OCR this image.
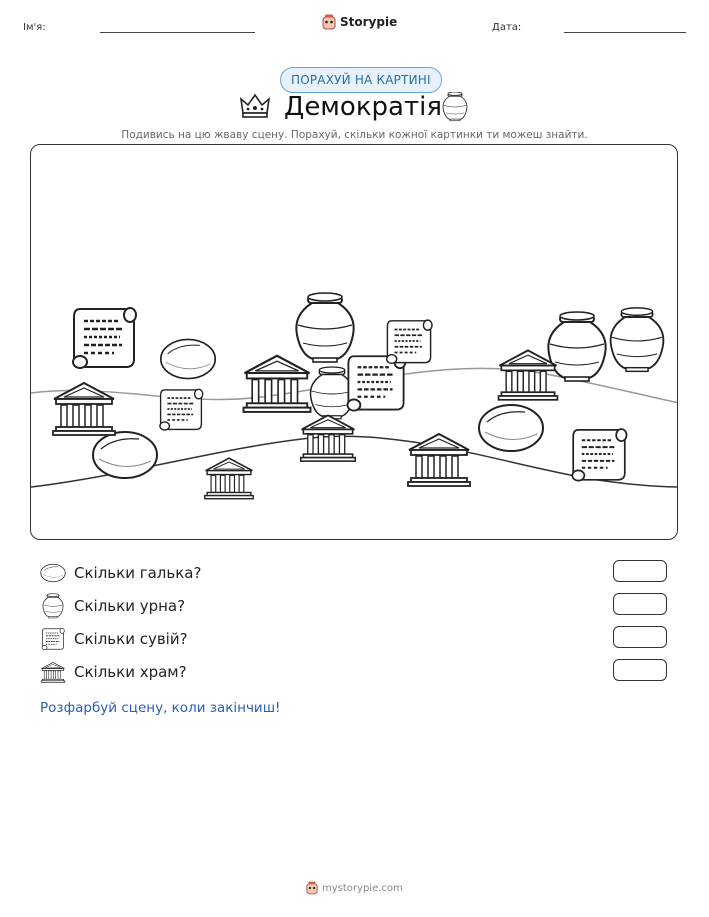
Ім'я:	Storypie	Дата:
ПОРАХУЙ НА КАРТИНІ
Демократія
Подивись на цю жваву сцену. Порахуй, скільки кожної картинки ти можеш знайти.
Скільки галька?
Скільки урна?
Скільки сувій?
Скільки храм?
Розфарбуй сцену, коли закінчиш!
mystorypie.com
